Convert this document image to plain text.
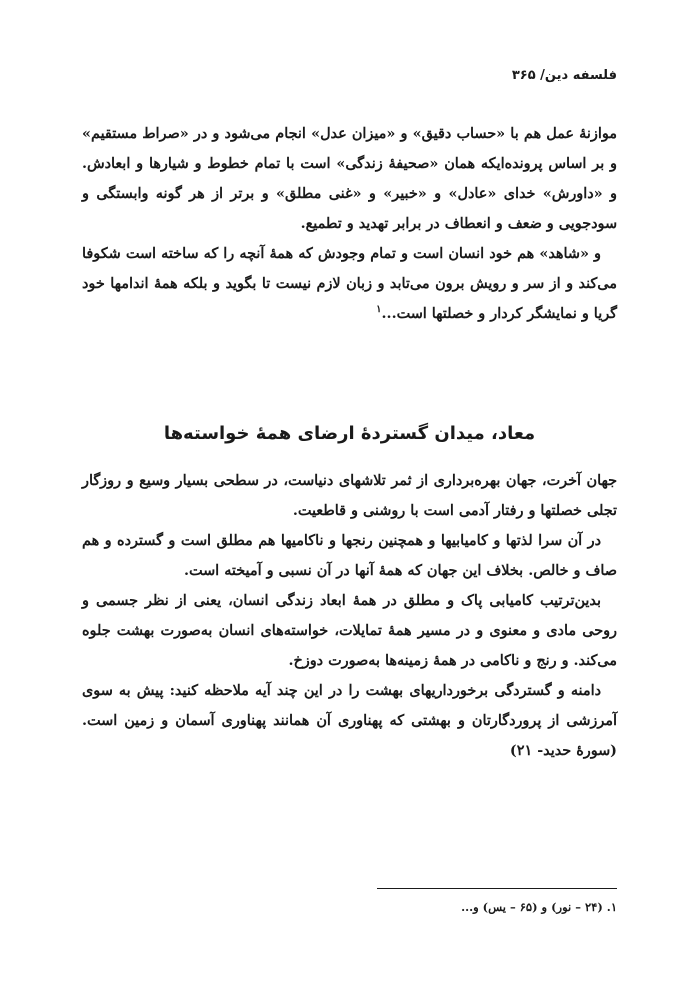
فلسفه دین/ ۳۶۵

موازنۀ عمل هم با «حساب دقیق» و «میزان عدل» انجام می‌شود و در «صراط مستقیم» و بر اساس پرونده‌ایکه همان «صحیفۀ زندگی» است با تمام خطوط و شیارها و ابعادش. و «داورش» خدای «عادل» و «خبیر» و «غنی مطلق» و برتر از هر گونه وابستگی و سودجویی و ضعف و انعطاف در برابر تهدید و تطمیع.

و «شاهد» هم خود انسان است و تمام وجودش که همۀ آنچه را که ساخته است شکوفا می‌کند و از سر و رویش برون می‌تابد و زبان لازم نیست تا بگوید و بلکه همۀ اندامها خود گریا و نمایشگر کردار و خصلتها است...$^۱$

معاد، میدان گستردۀ ارضای همۀ خواسته‌ها

جهان آخرت، جهان بهره‌برداری از ثمر تلاشهای دنیاست، در سطحی بسیار وسیع و روزگار تجلی خصلتها و رفتار آدمی است با روشنی و قاطعیت.

در آن سرا لذتها و کامیابیها و همچنین رنجها و ناکامیها هم مطلق است و گسترده و هم صاف و خالص. بخلاف این جهان که همۀ آنها در آن نسبی و آمیخته است.

بدین‌ترتیب کامیابی پاک و مطلق در همۀ ابعاد زندگی انسان، یعنی از نظر جسمی و روحی مادی و معنوی و در مسیر همۀ تمایلات، خواسته‌های انسان به‌صورت بهشت جلوه می‌کند. و رنج و ناکامی در همۀ زمینه‌ها به‌صورت دوزخ.

دامنه و گستردگی برخورداریهای بهشت را در این چند آیه ملاحظه کنید: پیش به سوی آمرزشی از پروردگارتان و بهشتی که پهناوری آن همانند پهناوری آسمان و زمین است. (سورۀ حدید- ۲۱)

۱. (۲۴ – نور) و (۶۵ – یس) و...
